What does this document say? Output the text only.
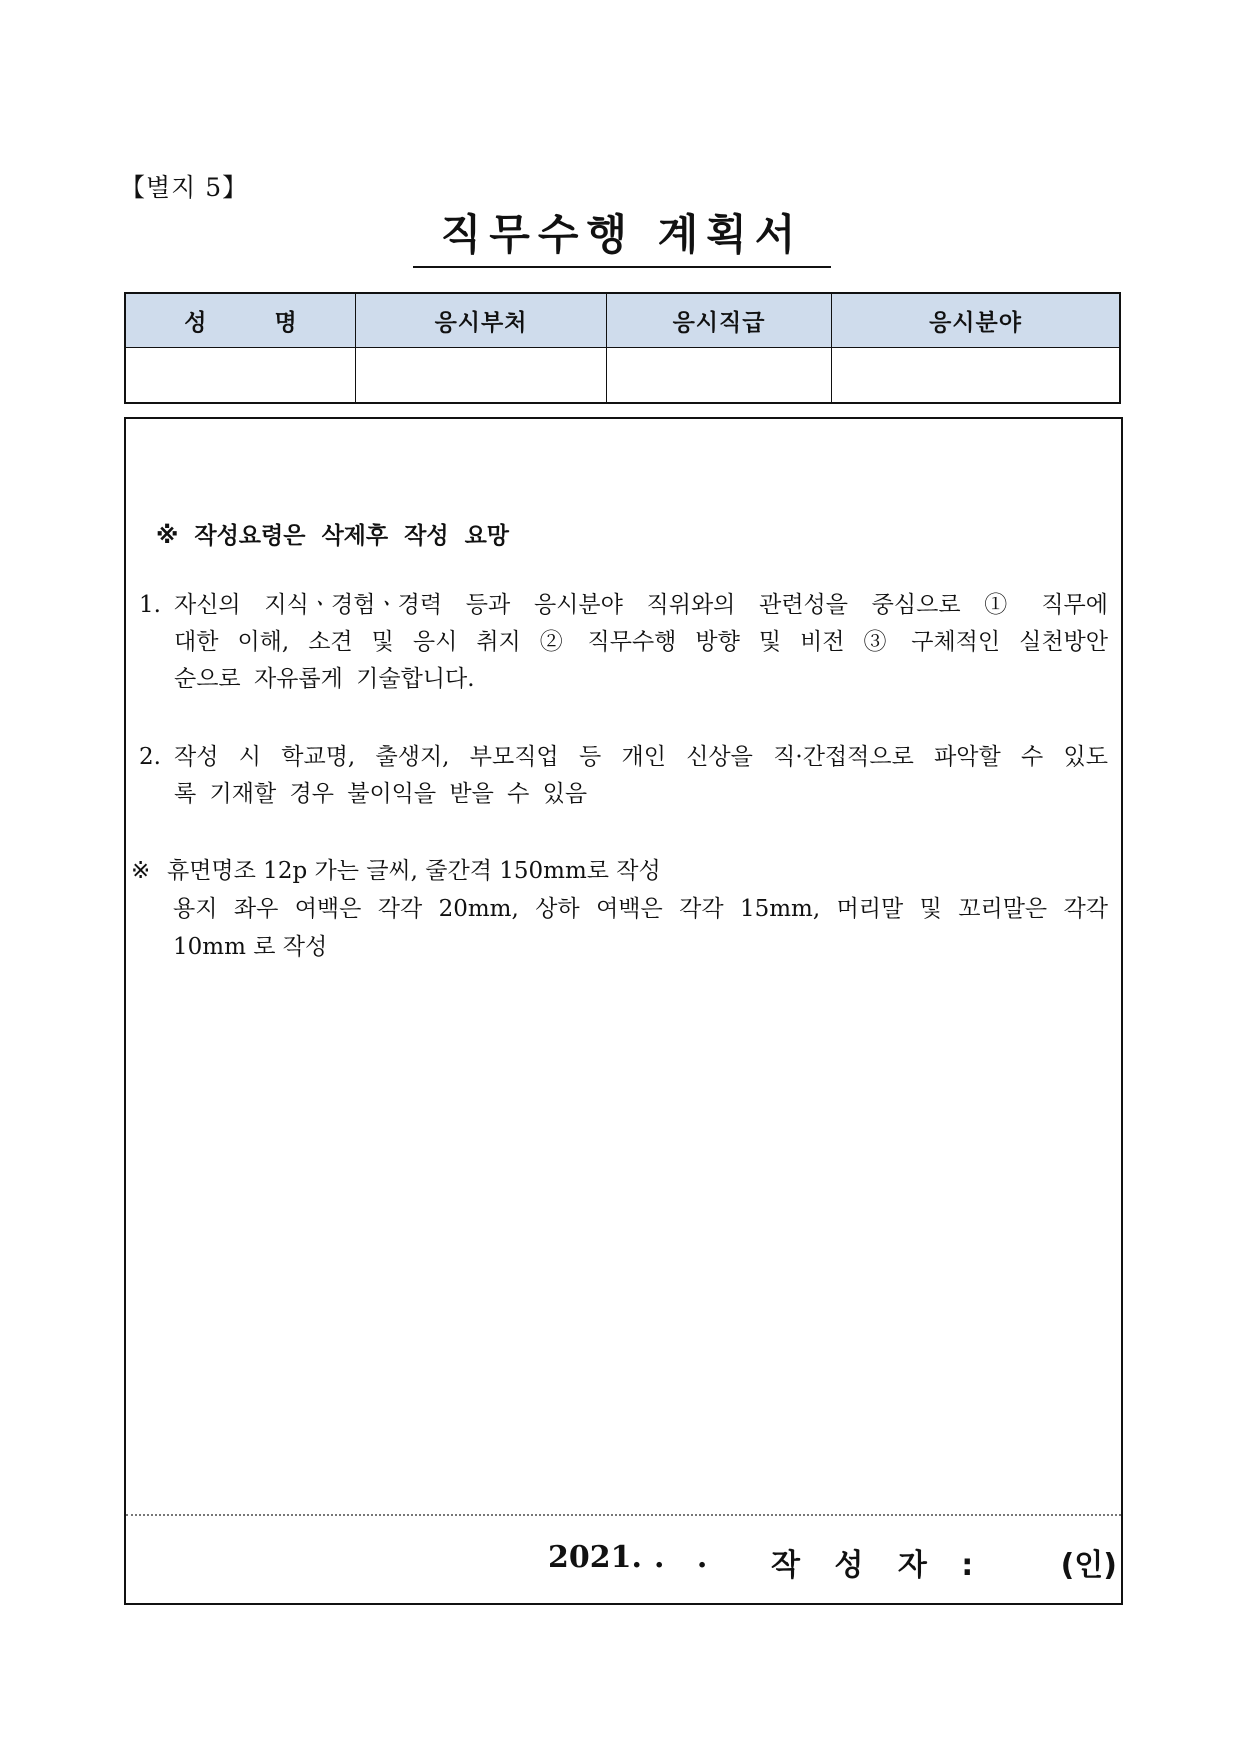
【별지 5】
직무수행 계획서
성 명	응시부처	응시직급	응시분야

※ 작성요령은 삭제후 작성 요망
1. 자신의 지식ㆍ경험ㆍ경력 등과 응시분야 직위와의 관련성을 중심으로 ① 직무에
대한 이해, 소견 및 응시 취지 ② 직무수행 방향 및 비전 ③ 구체적인 실천방안
순으로 자유롭게 기술합니다.
2. 작성 시 학교명, 출생지, 부모직업 등 개인 신상을 직·간접적으로 파악할 수 있도
록 기재할 경우 불이익을 받을 수 있음
※ 휴면명조 12p 가는 글씨, 줄간격 150mm로 작성
용지 좌우 여백은 각각 20mm, 상하 여백은 각각 15mm, 머리말 및 꼬리말은 각각
10mm 로 작성
2021. . . 작 성 자 :	(인)
